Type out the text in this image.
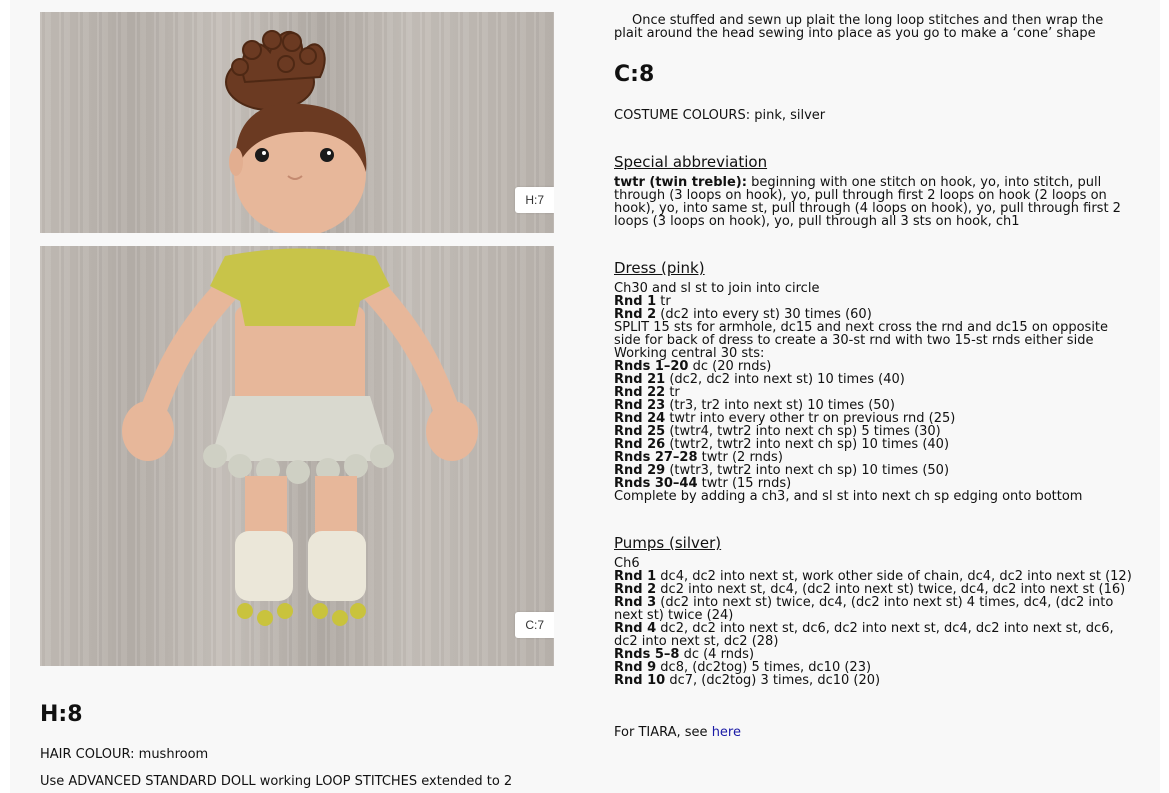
H:7
C:7
H:8
HAIR COLOUR: mushroom
Use ADVANCED STANDARD DOLL working LOOP STITCHES extended to 2
Once stuffed and sewn up plait the long loop stitches and then wrap the plait around the head sewing into place as you go to make a ‘cone’ shape
C:8
COSTUME COLOURS: pink, silver
Special abbreviation
twtr (twin treble): beginning with one stitch on hook, yo, into stitch, pull through (3 loops on hook), yo, pull through first 2 loops on hook (2 loops on hook), yo, into same st, pull through (4 loops on hook), yo, pull through first 2 loops (3 loops on hook), yo, pull through all 3 sts on hook, ch1
Dress (pink)

Ch30 and sl st to join into circle

Rnd 1 tr

Rnd 2 (dc2 into every st) 30 times (60)

SPLIT 15 sts for armhole, dc15 and next cross the rnd and dc15 on opposite side for back of dress to create a 30-st rnd with two 15-st rnds either side

Working central 30 sts:

Rnds 1–20 dc (20 rnds)

Rnd 21 (dc2, dc2 into next st) 10 times (40)

Rnd 22 tr

Rnd 23 (tr3, tr2 into next st) 10 times (50)

Rnd 24 twtr into every other tr on previous rnd (25)

Rnd 25 (twtr4, twtr2 into next ch sp) 5 times (30)

Rnd 26 (twtr2, twtr2 into next ch sp) 10 times (40)

Rnds 27–28 twtr (2 rnds)

Rnd 29 (twtr3, twtr2 into next ch sp) 10 times (50)

Rnds 30–44 twtr (15 rnds)

Complete by adding a ch3, and sl st into next ch sp edging onto bottom

Pumps (silver)

Ch6

Rnd 1 dc4, dc2 into next st, work other side of chain, dc4, dc2 into next st (12)

Rnd 2 dc2 into next st, dc4, (dc2 into next st) twice, dc4, dc2 into next st (16)

Rnd 3 (dc2 into next st) twice, dc4, (dc2 into next st) 4 times, dc4, (dc2 into next st) twice (24)

Rnd 4 dc2, dc2 into next st, dc6, dc2 into next st, dc4, dc2 into next st, dc6, dc2 into next st, dc2 (28)

Rnds 5–8 dc (4 rnds)

Rnd 9 dc8, (dc2tog) 5 times, dc10 (23)

Rnd 10 dc7, (dc2tog) 3 times, dc10 (20)

For TIARA, see here
